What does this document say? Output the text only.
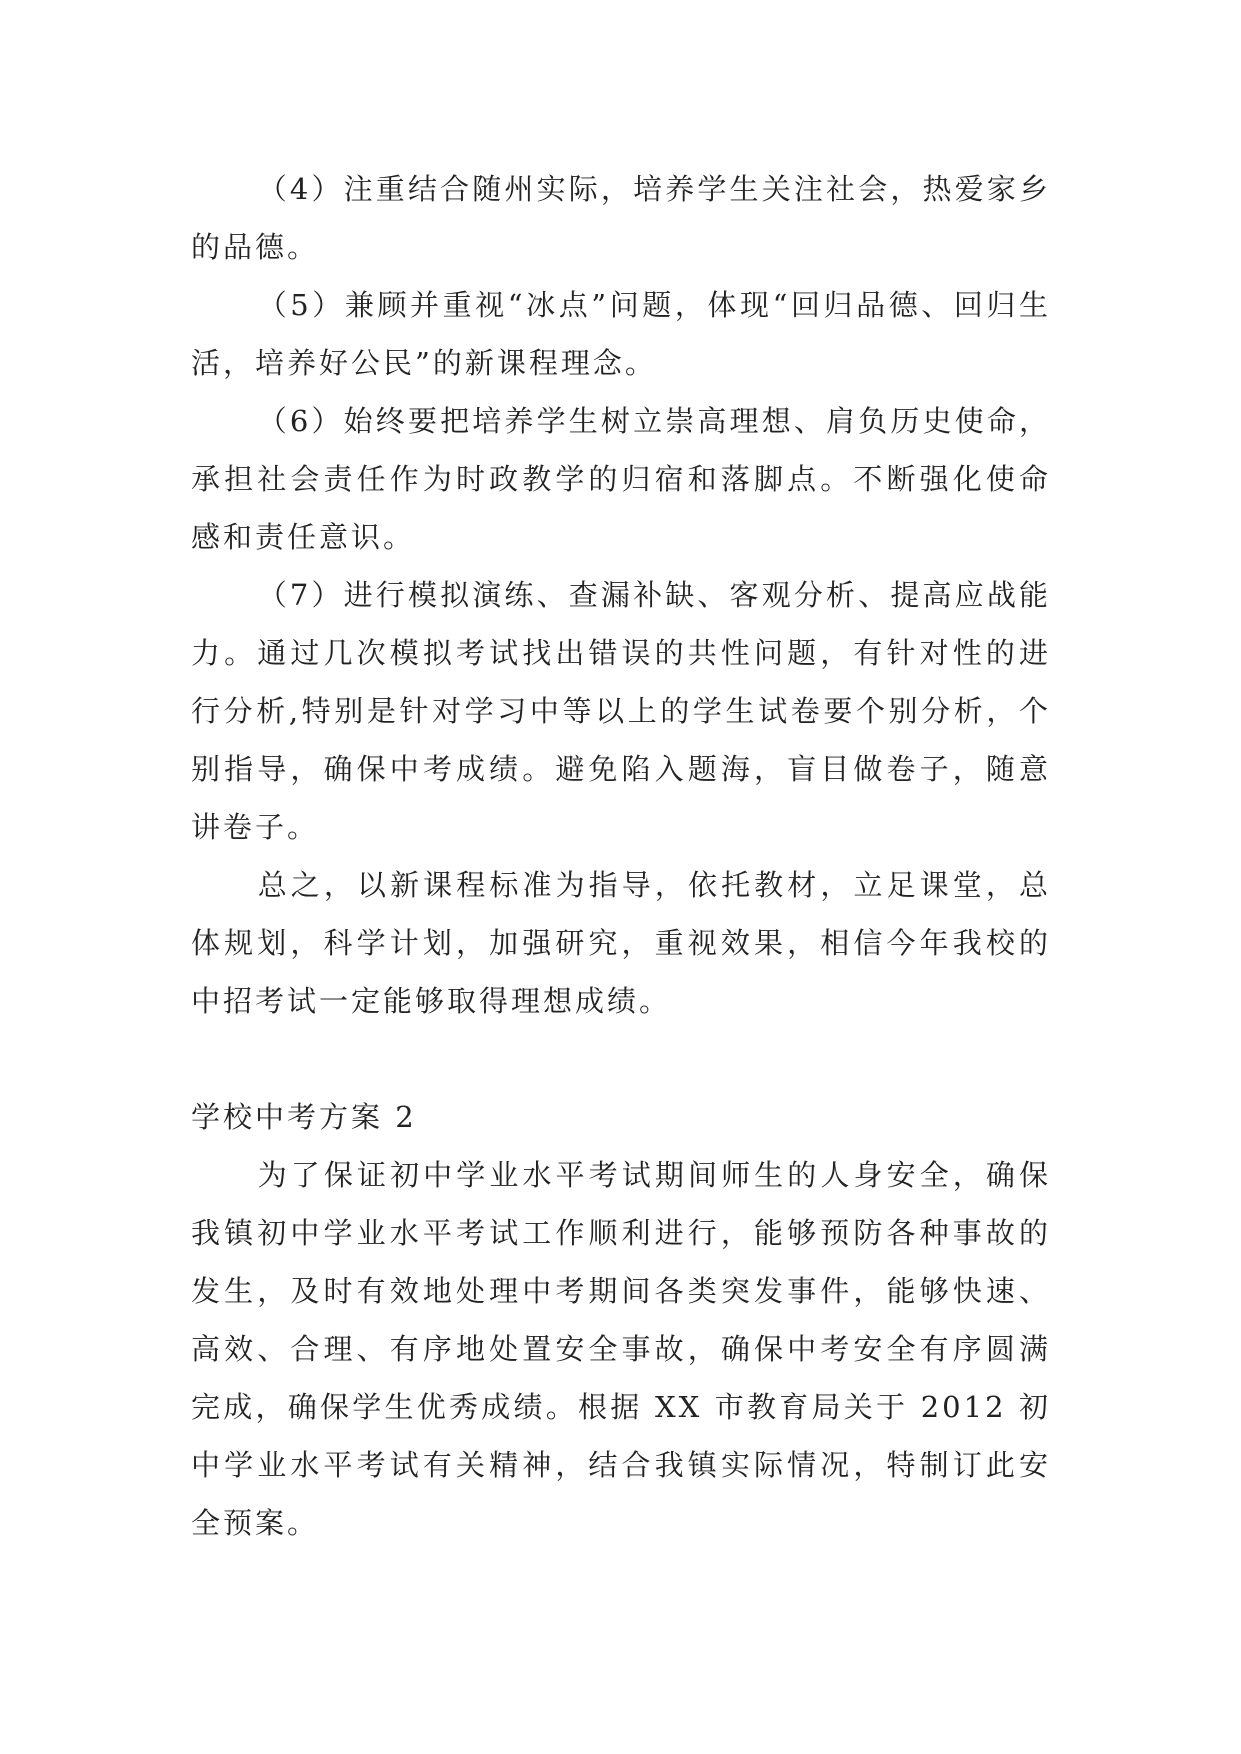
（4）注重结合随州实际，培养学生关注社会，热爱家乡的品德。

（5）兼顾并重视“冰点”问题，体现“回归品德、回归生活，培养好公民”的新课程理念。

（6）始终要把培养学生树立崇高理想、肩负历史使命，承担社会责任作为时政教学的归宿和落脚点。不断强化使命感和责任意识。

（7）进行模拟演练、查漏补缺、客观分析、提高应战能力。通过几次模拟考试找出错误的共性问题，有针对性的进行分析,特别是针对学习中等以上的学生试卷要个别分析，个别指导，确保中考成绩。避免陷入题海，盲目做卷子，随意讲卷子。

总之，以新课程标准为指导，依托教材，立足课堂，总体规划，科学计划，加强研究，重视效果，相信今年我校的中招考试一定能够取得理想成绩。

学校中考方案 2

为了保证初中学业水平考试期间师生的人身安全，确保我镇初中学业水平考试工作顺利进行，能够预防各种事故的发生，及时有效地处理中考期间各类突发事件，能够快速、高效、合理、有序地处置安全事故，确保中考安全有序圆满完成，确保学生优秀成绩。根据 XX 市教育局关于 2012 初中学业水平考试有关精神，结合我镇实际情况，特制订此安全预案。
